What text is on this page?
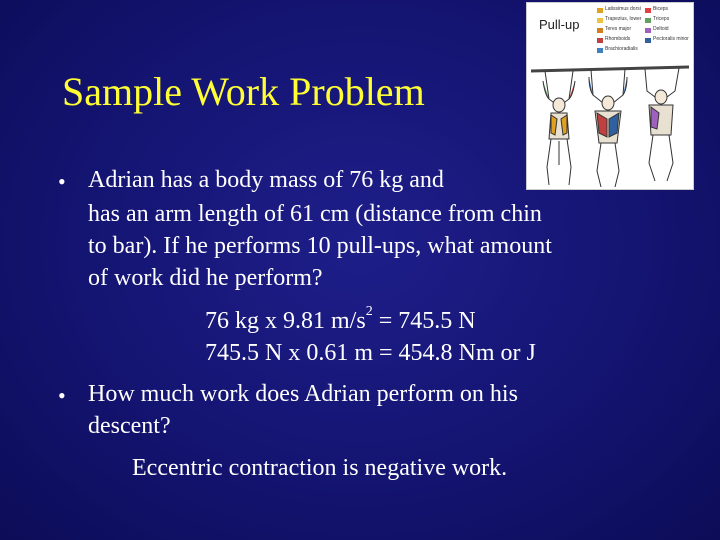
Sample Work Problem
Pull-up
Latissimus dorsi
Trapezius, lower
Teres major
Rhomboids
Brachioradialis
Biceps
Triceps
Deltoid
Pectoralis minor
• Adrian has a body mass of 76 kg and
has an arm length of 61 cm (distance from chin
to bar). If he performs 10 pull-ups, what amount
of work did he perform?
76 kg x 9.81 $m/s^2 = 745.5$ N
745.5 N x 0.61 m = 454.8 Nm or J
• How much work does Adrian perform on his
descent?
Eccentric contraction is negative work.
